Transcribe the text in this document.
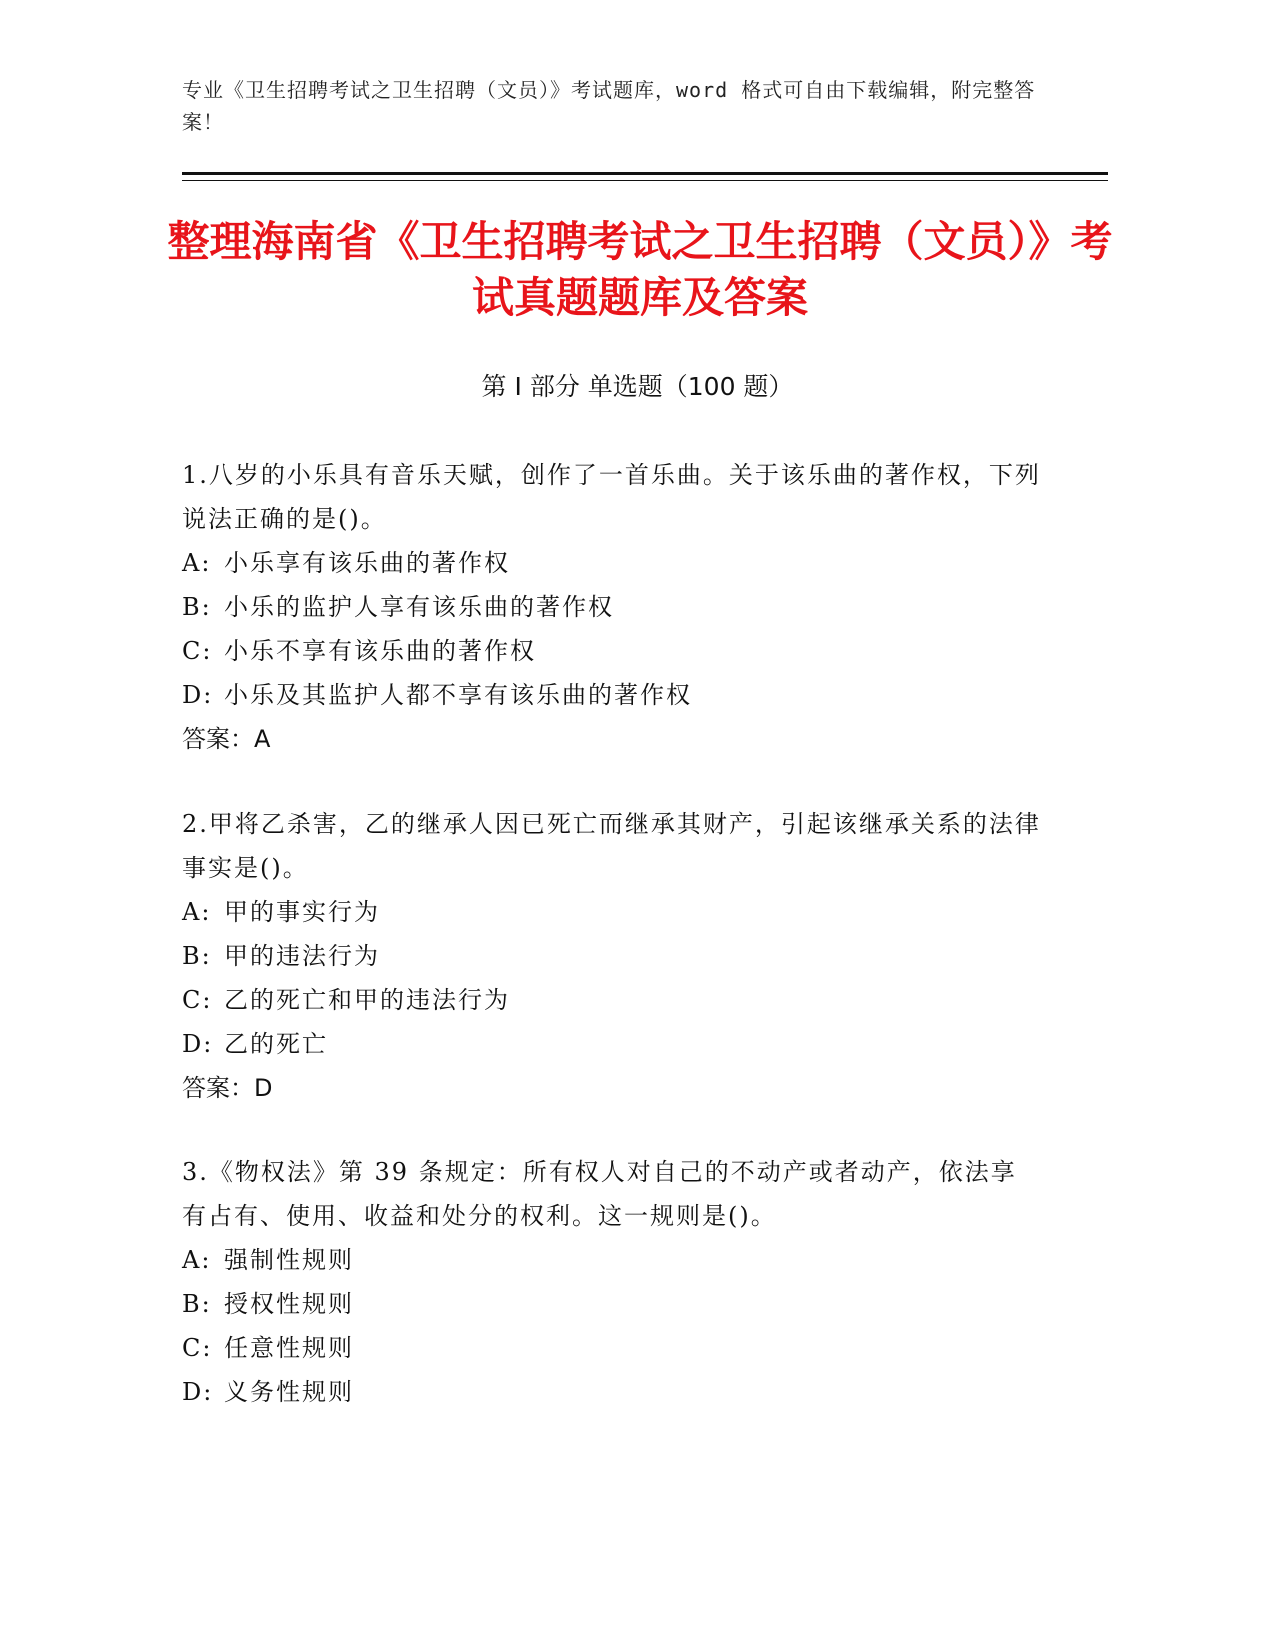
专业《卫生招聘考试之卫生招聘（文员）》考试题库，word 格式可自由下载编辑，附完整答案！
整理海南省《卫生招聘考试之卫生招聘（文员）》考试真题题库及答案
第 I 部分 单选题（100 题）

1.八岁的小乐具有音乐天赋，创作了一首乐曲。关于该乐曲的著作权，下列说法正确的是()。

A: 小乐享有该乐曲的著作权
B: 小乐的监护人享有该乐曲的著作权
C: 小乐不享有该乐曲的著作权
D: 小乐及其监护人都不享有该乐曲的著作权
答案：A

2.甲将乙杀害，乙的继承人因已死亡而继承其财产，引起该继承关系的法律事实是()。

A: 甲的事实行为
B: 甲的违法行为
C: 乙的死亡和甲的违法行为
D: 乙的死亡
答案：D

3.《物权法》第 39 条规定：所有权人对自己的不动产或者动产，依法享有占有、使用、收益和处分的权利。这一规则是()。

A: 强制性规则
B: 授权性规则
C: 任意性规则
D: 义务性规则
